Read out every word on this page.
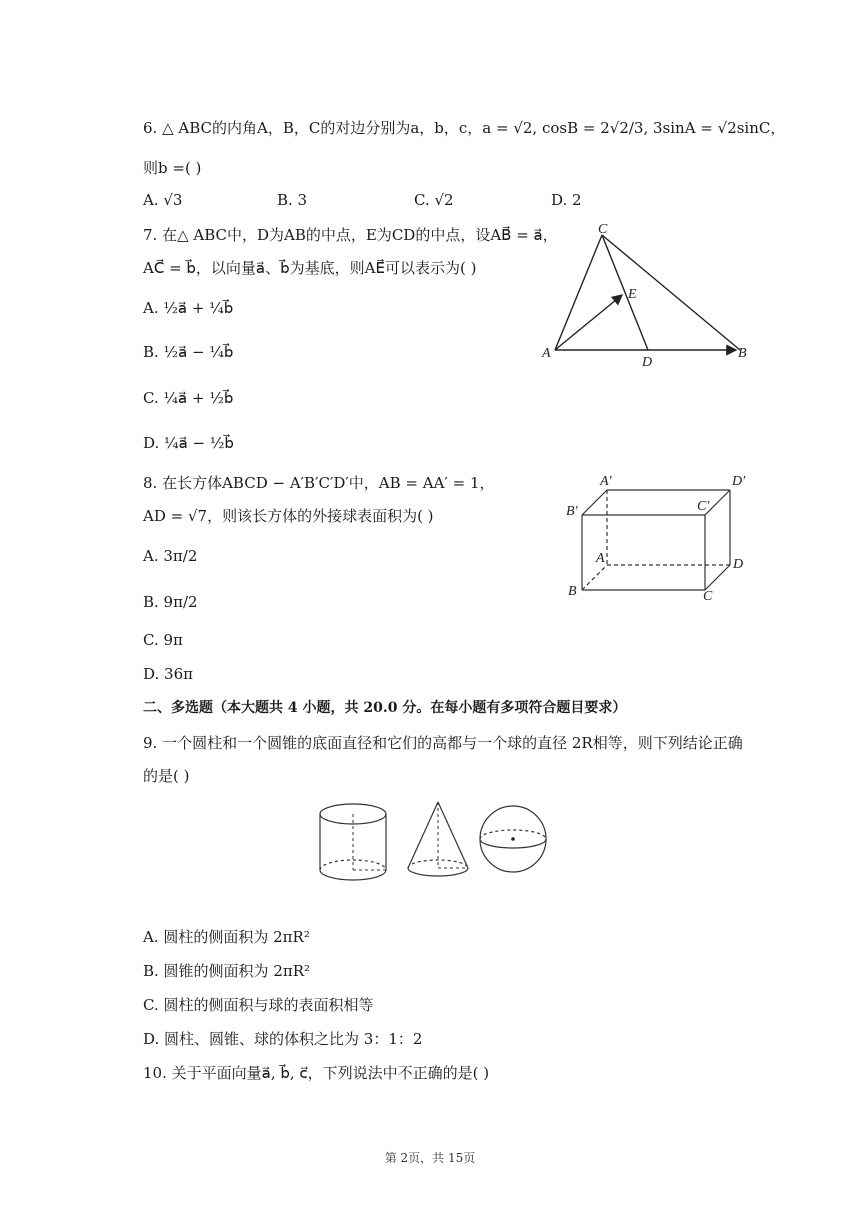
6. △ ABC的内角A，B，C的对边分别为a，b，c，a = √2, cosB = 2√2/3, 3sinA = √2sinC，
则b =( )
A. √3	B. 3	C. √2	D. 2
7. 在△ ABC中，D为AB的中点，E为CD的中点，设AB⃗ = a⃗，
AC⃗ = b⃗，以向量a⃗、b⃗为基底，则AE⃗可以表示为( )
A. ½a⃗ + ¼b⃗
B. ½a⃗ − ¼b⃗
C. ¼a⃗ + ½b⃗
D. ¼a⃗ − ½b⃗
A	B
C
D
E
8. 在长方体ABCD − A′B′C′D′中，AB = AA′ = 1，
AD = √7，则该长方体的外接球表面积为( )
A. 3π/2
B. 9π/2
C. 9π
D. 36π
A′	D′
B′	C′
A	D
B	C
二、多选题（本大题共 4 小题，共 20.0 分。在每小题有多项符合题目要求）
9. 一个圆柱和一个圆锥的底面直径和它们的高都与一个球的直径 2R相等，则下列结论正确
的是( )
A. 圆柱的侧面积为 2πR²
B. 圆锥的侧面积为 2πR²
C. 圆柱的侧面积与球的表面积相等
D. 圆柱、圆锥、球的体积之比为 3：1：2
10. 关于平面向量a⃗, b⃗, c⃗，下列说法中不正确的是( )
第 2页，共 15页
